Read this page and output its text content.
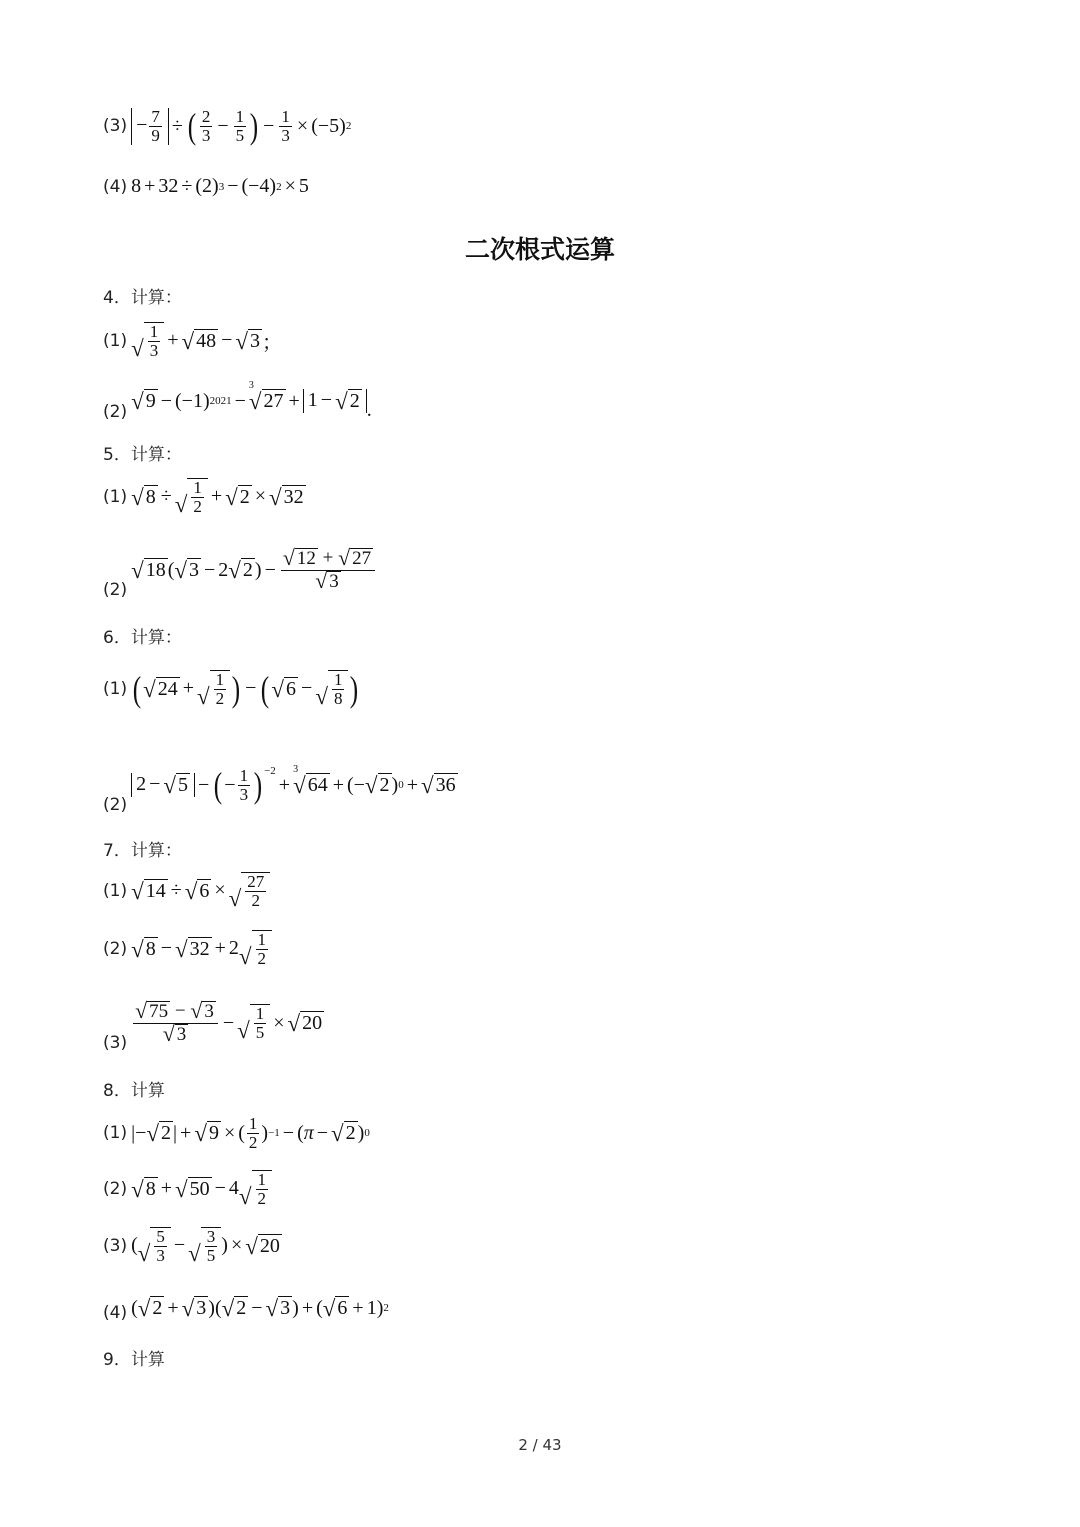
$(3) - \frac{7}{9}$ ÷ ( 2
$3 - \frac{1}{5}$ ) − $\frac{1}{3} \times (-5)$ 2
(4) 8 + 32 ÷ (2) 3 − (−4) 2 × 5
二次根式运算
4．计算：
(1) √
1
3 + √ 48 − √ 3 ；
(2) √ 9 − (−1) 2021 −
3
√ 27 + 1 − √ 2 .
5．计算：
(1) √ 8 ÷ √
1
2 + √ 2 × √ 32
(2)
√ 18 ( √ 3 − 2 √ 2 ) − $\frac{√ 12 + √ 27}{√ 3}$
6．计算：
(1) ( √ 24 + √
1
2 ) − ( √ 6 − √
1
8 )
(2)
2 − √ 5 − ( − 1
3 )$^{-2}$
+
3
√ 64 + (− √ 2 ) 0 + √ 36
7．计算：
(1) √ 14 ÷ √ 6 × √
27
2
(2) √ 8 − √ 32 + 2 √
1
2
(3)
√ 75 − √ 3
√ 3
− √
1
5 × √ 20
8．计算
(1) |− √ 2 | + √ 9 × ( $\frac{1}{2}$ ) −1 − ( π − √ 2 ) 0
(2) √ 8 + √ 50 − 4 √
1
2
(3) ( √
5
3 − √
3
5 ) × √ 20
(4) ( √ 2 + √ 3 )( √ 2 − √ 3 ) + ( √ 6 + 1) 2
9．计算
2 / 43
